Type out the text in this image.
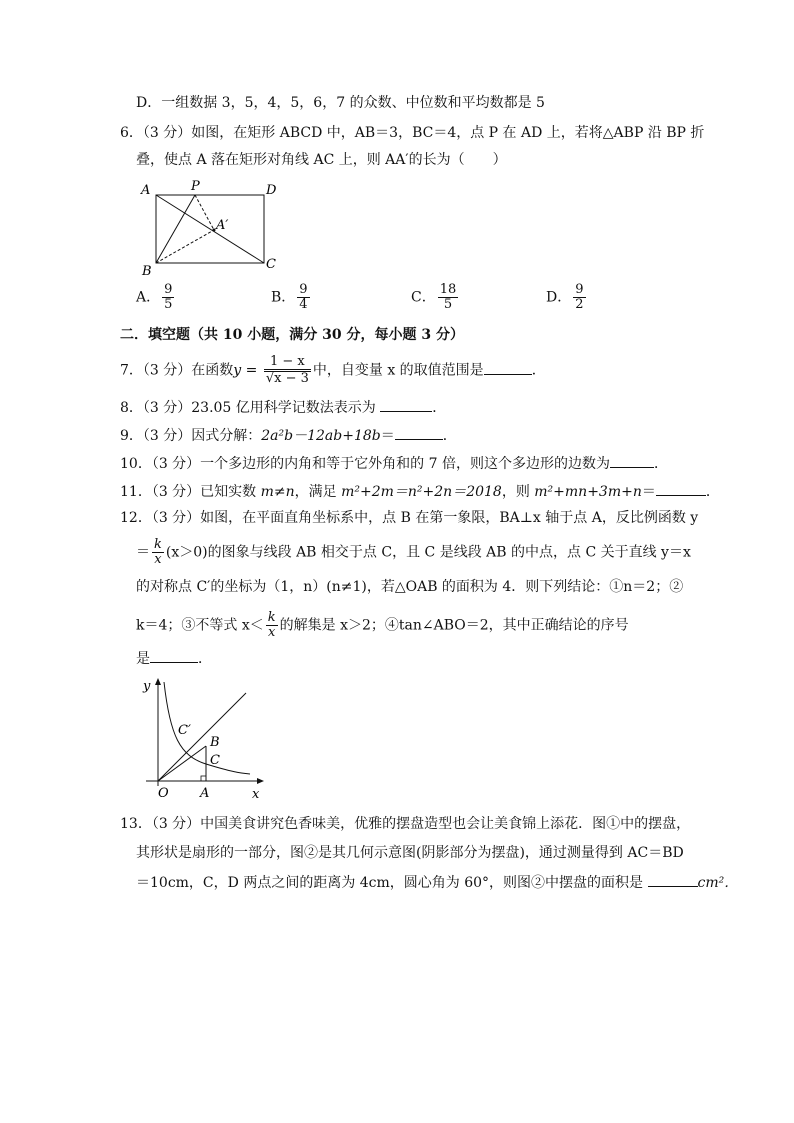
D．一组数据 3，5，4，5，6，7 的众数、中位数和平均数都是 5
6．（3 分）如图，在矩形 ABCD 中，AB＝3，BC＝4，点 P 在 AD 上，若将△ABP 沿 BP 折
叠，使点 A 落在矩形对角线 AC 上，则 AA′的长为（　　）
A	P	D
A′
B	C
A． $\frac{9}{5}$	B． $\frac{9}{4}$	C． $\frac{18}{5}$	D． $\frac{9}{2}$
二．填空题（共 10 小题，满分 30 分，每小题 3 分）
7．（3 分）在函数$y = \frac{1 - x}{√x - 3}$ 中，自变量 x 的取值范围是	．
8．（3 分）23.05 亿用科学记数法表示为	．
9．（3 分）因式分解：2a²b－12ab+18b＝	．
10．（3 分）一个多边形的内角和等于它外角和的 7 倍，则这个多边形的边数为	．
11．（3 分）已知实数 m≠n，满足 m²+2m＝n²+2n＝2018，则 m²+mn+3m+n＝	．
12．（3 分）如图，在平面直角坐标系中，点 B 在第一象限，BA⊥x 轴于点 A，反比例函数 y
＝ $\frac{k}{x} (x>0)$的图象与线段 AB 相交于点 C，且 C 是线段 AB 的中点，点 C 关于直线 y＝x
的对称点 C′的坐标为（1，n）(n≠1)，若△OAB 的面积为 4．则下列结论：①n＝2；②
k＝4；③不等式 $x< \frac{k}{x}$ 的解集是 x＞2；④tan∠ABO＝2，其中正确结论的序号
是	．
y
x
O A
B
C
C′
13．（3 分）中国美食讲究色香味美，优雅的摆盘造型也会让美食锦上添花．图①中的摆盘，
其形状是扇形的一部分，图②是其几何示意图(阴影部分为摆盘)，通过测量得到 AC＝BD
＝10cm，C，D 两点之间的距离为 4cm，圆心角为 60°，则图②中摆盘的面积是	cm²．
